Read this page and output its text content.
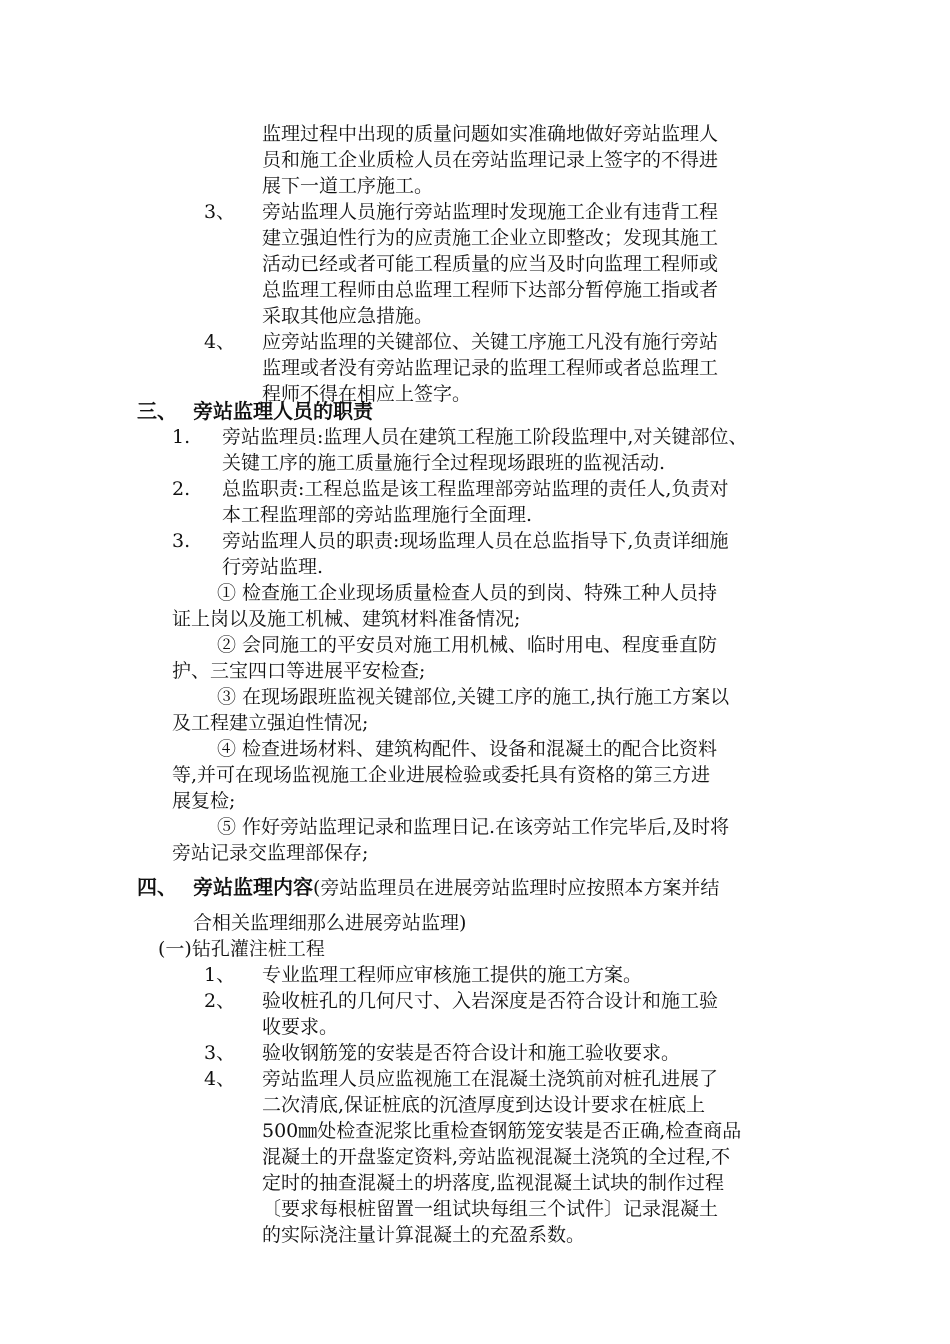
监理过程中出现的质量问题如实准确地做好旁站监理人
员和施工企业质检人员在旁站监理记录上签字的不得进
展下一道工序施工。
3、 旁站监理人员施行旁站监理时发现施工企业有违背工程
建立强迫性行为的应责施工企业立即整改；发现其施工
活动已经或者可能工程质量的应当及时向监理工程师或
总监理工程师由总监理工程师下达部分暂停施工指或者
采取其他应急措施。
4、 应旁站监理的关键部位、关键工序施工凡没有施行旁站
监理或者没有旁站监理记录的监理工程师或者总监理工
程师不得在相应上签字。
三、 旁站监理人员的职责
1. 旁站监理员:监理人员在建筑工程施工阶段监理中,对关键部位、
关键工序的施工质量施行全过程现场跟班的监视活动.
2. 总监职责:工程总监是该工程监理部旁站监理的责任人,负责对
本工程监理部的旁站监理施行全面理.
3. 旁站监理人员的职责:现场监理人员在总监指导下,负责详细施
行旁站监理.
① 检查施工企业现场质量检查人员的到岗、特殊工种人员持
证上岗以及施工机械、建筑材料准备情况;
② 会同施工的平安员对施工用机械、临时用电、程度垂直防
护、三宝四口等进展平安检查;
③ 在现场跟班监视关键部位,关键工序的施工,执行施工方案以
及工程建立强迫性情况;
④ 检查进场材料、建筑构配件、设备和混凝土的配合比资料
等,并可在现场监视施工企业进展检验或委托具有资格的第三方进
展复检;
⑤ 作好旁站监理记录和监理日记.在该旁站工作完毕后,及时将
旁站记录交监理部保存;
四、 旁站监理内容(旁站监理员在进展旁站监理时应按照本方案并结
合相关监理细那么进展旁站监理)
(一)钻孔灌注桩工程
1、 专业监理工程师应审核施工提供的施工方案。
2、 验收桩孔的几何尺寸、入岩深度是否符合设计和施工验
收要求。
3、 验收钢筋笼的安装是否符合设计和施工验收要求。
4、 旁站监理人员应监视施工在混凝土浇筑前对桩孔进展了
二次清底,保证桩底的沉渣厚度到达设计要求在桩底上
500㎜处检查泥浆比重检查钢筋笼安装是否正确,检查商品
混凝土的开盘鉴定资料,旁站监视混凝土浇筑的全过程,不
定时的抽查混凝土的坍落度,监视混凝土试块的制作过程
〔要求每根桩留置一组试块每组三个试件〕记录混凝土
的实际浇注量计算混凝土的充盈系数。
